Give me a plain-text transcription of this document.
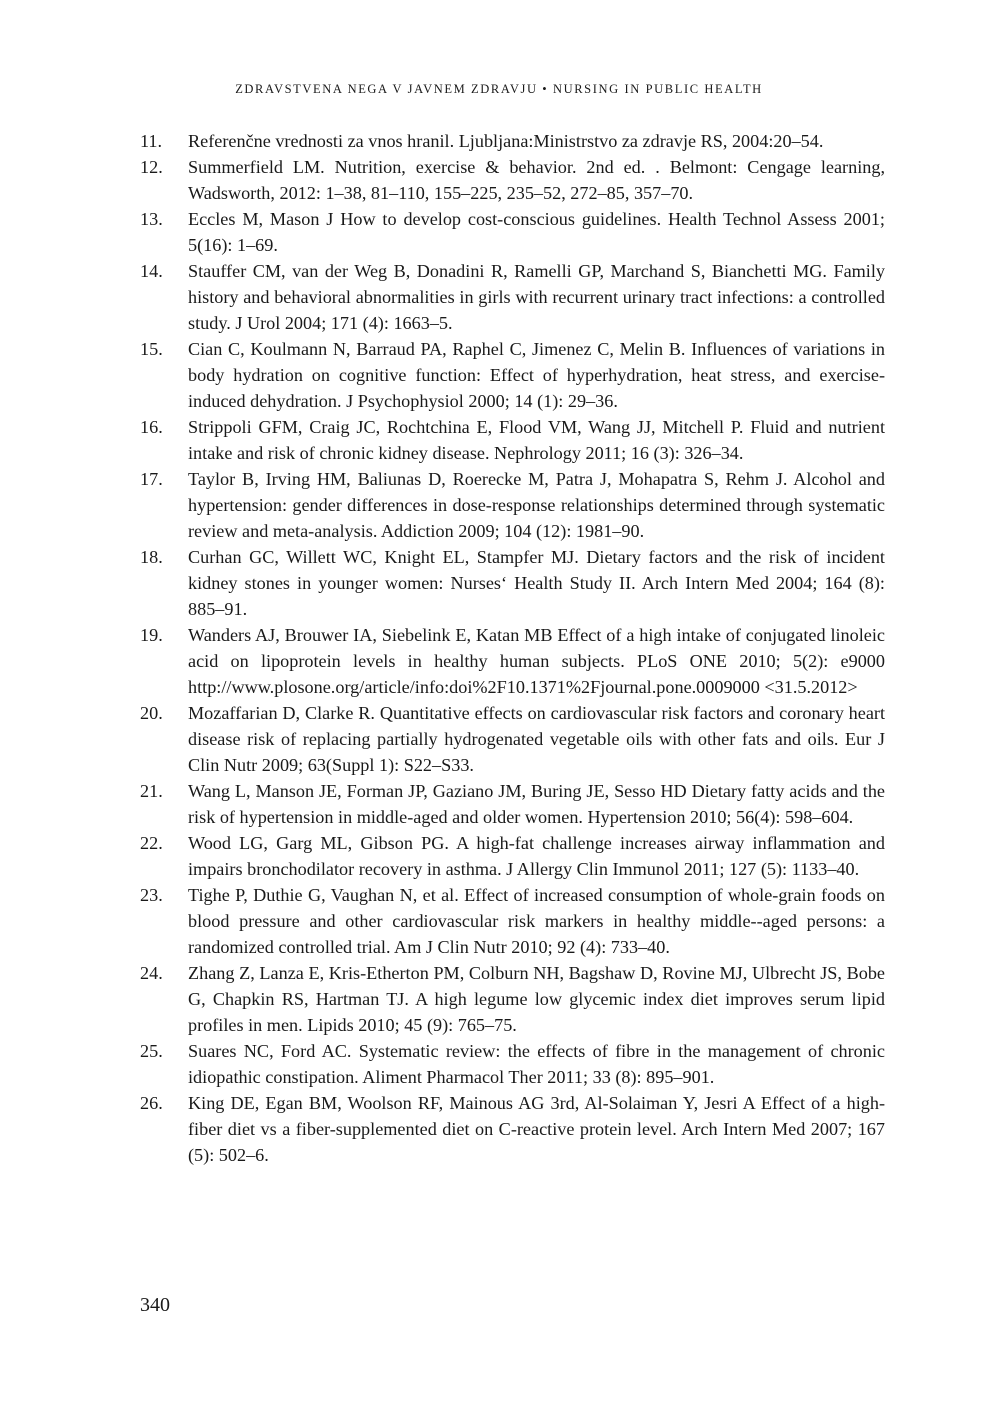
ZDRAVSTVENA NEGA V JAVNEM ZDRAVJU • NURSING IN PUBLIC HEALTH
11.	Referenčne vrednosti za vnos hranil. Ljubljana:Ministrstvo za zdravje RS, 2004:20–54.
12.	Summerfield LM. Nutrition, exercise & behavior. 2nd ed. . Belmont: Cengage learning, Wadsworth, 2012: 1–38, 81–110, 155–225, 235–52, 272–85, 357–70.
13.	Eccles M, Mason J How to develop cost-conscious guidelines. Health Technol Assess 2001; 5(16): 1–69.
14.	Stauffer CM, van der Weg B, Donadini R, Ramelli GP, Marchand S, Bianchetti MG. Family history and behavioral abnormalities in girls with recurrent urinary tract infections: a controlled study. J Urol 2004; 171 (4): 1663–5.
15.	Cian C, Koulmann N, Barraud PA, Raphel C, Jimenez C, Melin B. Influences of variations in body hydration on cognitive function: Effect of hyperhydration, heat stress, and exercise-induced dehydration. J Psychophysiol 2000; 14 (1): 29–36.
16.	Strippoli GFM, Craig JC, Rochtchina E, Flood VM, Wang JJ, Mitchell P. Fluid and nutrient intake and risk of chronic kidney disease. Nephrology 2011; 16 (3): 326–34.
17.	Taylor B, Irving HM, Baliunas D, Roerecke M, Patra J, Mohapatra S, Rehm J. Alcohol and hypertension: gender differences in dose-response relationships determined through systematic review and meta-analysis. Addiction 2009; 104 (12): 1981–90.
18.	Curhan GC, Willett WC, Knight EL, Stampfer MJ. Dietary factors and the risk of incident kidney stones in younger women: Nurses‘ Health Study II. Arch Intern Med 2004; 164 (8): 885–91.
19.	Wanders AJ, Brouwer IA, Siebelink E, Katan MB Effect of a high intake of conjugated linoleic acid on lipoprotein levels in healthy human subjects. PLoS ONE 2010; 5(2): e9000 http://www.plosone.org/article/info:doi%2F10.1371%2Fjournal.pone.0009000 <31.5.2012>
20.	Mozaffarian D, Clarke R. Quantitative effects on cardiovascular risk factors and coronary heart disease risk of replacing partially hydrogenated vegetable oils with other fats and oils. Eur J Clin Nutr 2009; 63(Suppl 1): S22–S33.
21.	Wang L, Manson JE, Forman JP, Gaziano JM, Buring JE, Sesso HD Dietary fatty acids and the risk of hypertension in middle-aged and older women. Hypertension 2010; 56(4): 598–604.
22.	Wood LG, Garg ML, Gibson PG. A high-fat challenge increases airway inflammation and impairs bronchodilator recovery in asthma. J Allergy Clin Immunol 2011; 127 (5): 1133–40.
23.	Tighe P, Duthie G, Vaughan N, et al. Effect of increased consumption of whole-grain foods on blood pressure and other cardiovascular risk markers in healthy middle--aged persons: a randomized controlled trial. Am J Clin Nutr 2010; 92 (4): 733–40.
24.	Zhang Z, Lanza E, Kris-Etherton PM, Colburn NH, Bagshaw D, Rovine MJ, Ulbrecht JS, Bobe G, Chapkin RS, Hartman TJ. A high legume low glycemic index diet improves serum lipid profiles in men. Lipids 2010; 45 (9): 765–75.
25.	Suares NC, Ford AC. Systematic review: the effects of fibre in the management of chronic idiopathic constipation. Aliment Pharmacol Ther 2011; 33 (8): 895–901.
26.	King DE, Egan BM, Woolson RF, Mainous AG 3rd, Al-Solaiman Y, Jesri A Effect of a high-fiber diet vs a fiber-supplemented diet on C-reactive protein level. Arch Intern Med 2007; 167 (5): 502–6.
340
